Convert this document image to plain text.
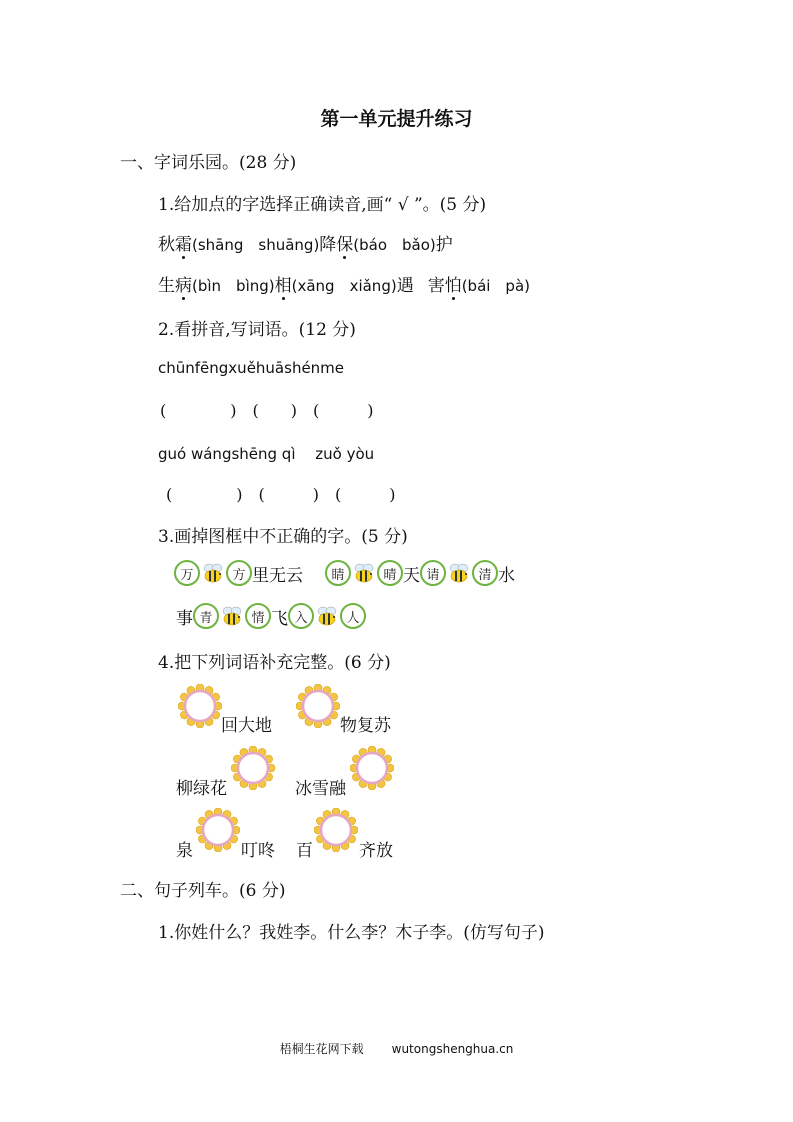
第一单元提升练习
一、字词乐园。(28 分)
1.给加点的字选择正确读音,画“ √ ”。(5 分)
秋霜(shāng　shuāng)降保(báo　bǎo)护
生病(bìn　bìng)相(xāng　xiǎng)遇 害怕(bái　pà)
2.看拼音,写词语。(12 分)
chūnfēngxuěhuāshénme
(　　　　)　(　　)　(　　　)
guó wángshēng qì　 zuǒ yòu
(　　　　)　(　　　)　(　　　)
3.画掉图框中不正确的字。(5 分)
万	方 里无云	睛	晴 天 请	清 水
事 青	情 飞 入	人
4.把下列词语补充完整。(6 分)
回大地	物复苏
柳绿花	冰雪融
泉	叮咚 百	齐放
二、句子列车。(6 分)
1.你姓什么？我姓李。什么李？木子李。(仿写句子)
梧桐生花网下载 wutongshenghua.cn
